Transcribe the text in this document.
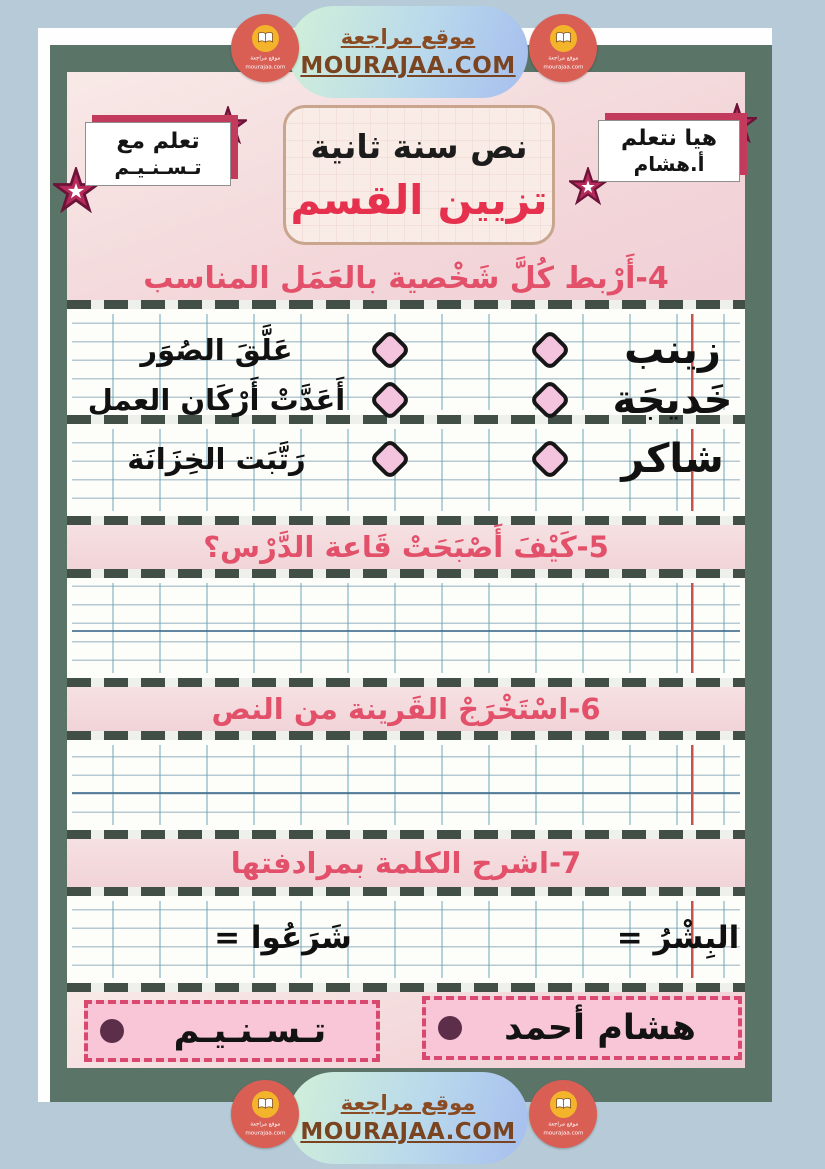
تعلم مع
تـسـنـيـم
نص سنة ثانية
تزيين القسم
هيا نتعلم
أ.هشام
4-أَرْبط كُلَّ شَخْصية بالعَمَل المناسب
زينب
عَلَّقَ الصُوَر
خَديجَة
أَعَدَّتْ أَرْكَان العمل
شاكر
رَتَّبَت الخِزَانَة
5-كَيْفَ أَصْبَحَتْ قَاعة الدَّرْس؟
6-اسْتَخْرَجْ القَرينة من النص
7-اشرح الكلمة بمرادفتها
البِشْرُ =
شَرَعُوا =
هشام أحمد
تـسـنـيـم
موقع مراجعة
MOURAJAA.COM
موقع مراجعة
mourajaa.com
موقع مراجعة
mourajaa.com
موقع مراجعة
MOURAJAA.COM
موقع مراجعة
mourajaa.com
موقع مراجعة
mourajaa.com
